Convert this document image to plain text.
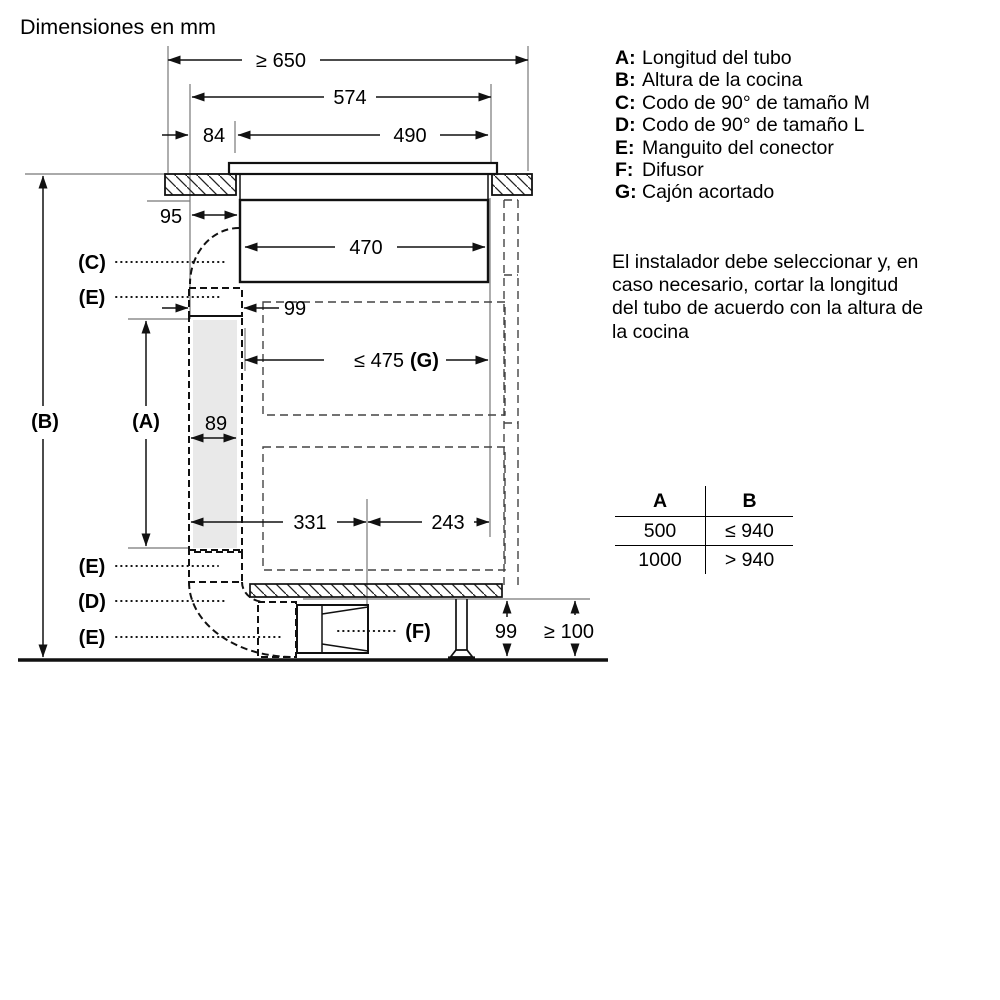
Dimensiones en mm
≥ 650
574
84	490
95
470
99
≤ 475 (G)
89
331	243
99 ≥ 100
(B)	(A)
(C)
(E)
(E)
(D)
(E)	(F)
A: Longitud del tubo
B: Altura de la cocina
C: Codo de 90° de tamaño M
D: Codo de 90° de tamaño L
E: Manguito del conector
F: Difusor
G: Cajón acortado
El instalador debe seleccionar y, en
caso necesario, cortar la longitud
del tubo de acuerdo con la altura de
la cocina
A	B
500	≤ 940
1000	> 940
